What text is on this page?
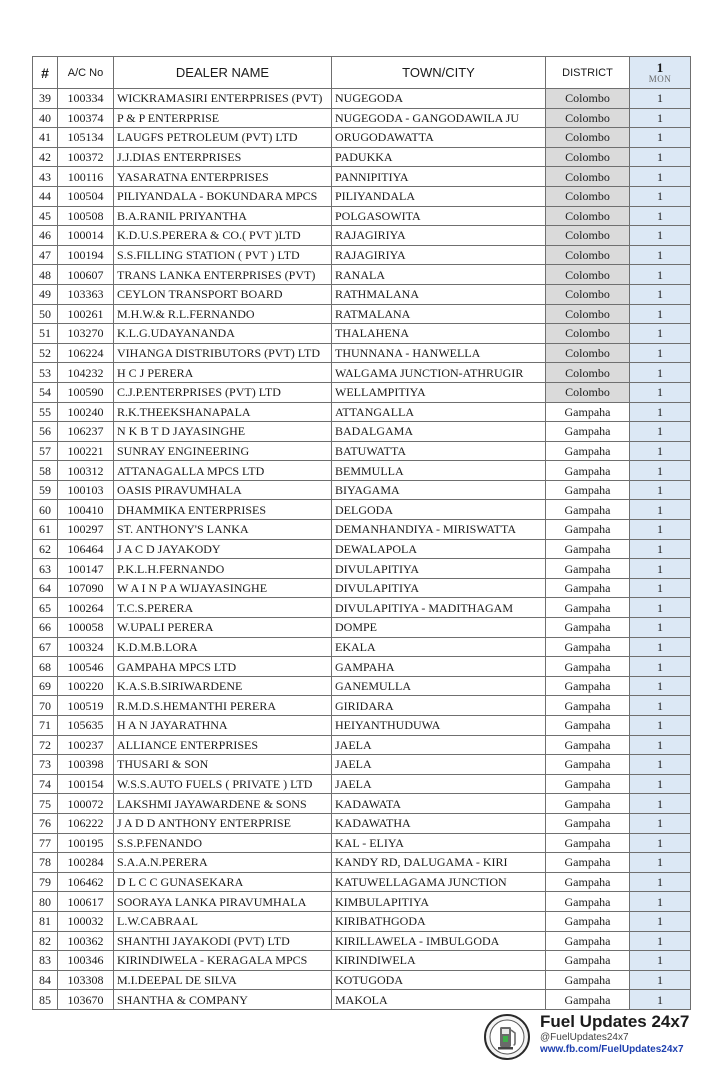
#	A/C No	DEALER NAME	TOWN/CITY	DISTRICT	1
MON

39	100334	WICKRAMASIRI ENTERPRISES (PVT)	NUGEGODA	Colombo	1
40	100374	P & P ENTERPRISE	NUGEGODA - GANGODAWILA JU	Colombo	1
41	105134	LAUGFS PETROLEUM (PVT) LTD	ORUGODAWATTA	Colombo	1
42	100372	J.J.DIAS ENTERPRISES	PADUKKA	Colombo	1
43	100116	YASARATNA ENTERPRISES	PANNIPITIYA	Colombo	1
44	100504	PILIYANDALA - BOKUNDARA MPCS	PILIYANDALA	Colombo	1
45	100508	B.A.RANIL PRIYANTHA	POLGASOWITA	Colombo	1
46	100014	K.D.U.S.PERERA & CO.( PVT )LTD	RAJAGIRIYA	Colombo	1
47	100194	S.S.FILLING STATION ( PVT ) LTD	RAJAGIRIYA	Colombo	1
48	100607	TRANS LANKA ENTERPRISES (PVT)	RANALA	Colombo	1
49	103363	CEYLON TRANSPORT BOARD	RATHMALANA	Colombo	1
50	100261	M.H.W.& R.L.FERNANDO	RATMALANA	Colombo	1
51	103270	K.L.G.UDAYANANDA	THALAHENA	Colombo	1
52	106224	VIHANGA DISTRIBUTORS (PVT) LTD	THUNNANA - HANWELLA	Colombo	1
53	104232	H C J PERERA	WALGAMA JUNCTION-ATHRUGIR	Colombo	1
54	100590	C.J.P.ENTERPRISES (PVT) LTD	WELLAMPITIYA	Colombo	1
55	100240	R.K.THEEKSHANAPALA	ATTANGALLA	Gampaha	1
56	106237	N K B T D JAYASINGHE	BADALGAMA	Gampaha	1
57	100221	SUNRAY ENGINEERING	BATUWATTA	Gampaha	1
58	100312	ATTANAGALLA MPCS LTD	BEMMULLA	Gampaha	1
59	100103	OASIS PIRAVUMHALA	BIYAGAMA	Gampaha	1
60	100410	DHAMMIKA ENTERPRISES	DELGODA	Gampaha	1
61	100297	ST. ANTHONY'S LANKA	DEMANHANDIYA - MIRISWATTA	Gampaha	1
62	106464	J A C D JAYAKODY	DEWALAPOLA	Gampaha	1
63	100147	P.K.L.H.FERNANDO	DIVULAPITIYA	Gampaha	1
64	107090	W A I N P A WIJAYASINGHE	DIVULAPITIYA	Gampaha	1
65	100264	T.C.S.PERERA	DIVULAPITIYA - MADITHAGAM	Gampaha	1
66	100058	W.UPALI PERERA	DOMPE	Gampaha	1
67	100324	K.D.M.B.LORA	EKALA	Gampaha	1
68	100546	GAMPAHA MPCS LTD	GAMPAHA	Gampaha	1
69	100220	K.A.S.B.SIRIWARDENE	GANEMULLA	Gampaha	1
70	100519	R.M.D.S.HEMANTHI PERERA	GIRIDARA	Gampaha	1
71	105635	H A N JAYARATHNA	HEIYANTHUDUWA	Gampaha	1
72	100237	ALLIANCE ENTERPRISES	JAELA	Gampaha	1
73	100398	THUSARI & SON	JAELA	Gampaha	1
74	100154	W.S.S.AUTO FUELS ( PRIVATE ) LTD	JAELA	Gampaha	1
75	100072	LAKSHMI JAYAWARDENE & SONS	KADAWATA	Gampaha	1
76	106222	J A D D ANTHONY ENTERPRISE	KADAWATHA	Gampaha	1
77	100195	S.S.P.FENANDO	KAL - ELIYA	Gampaha	1
78	100284	S.A.A.N.PERERA	KANDY RD, DALUGAMA - KIRI	Gampaha	1
79	106462	D L C C GUNASEKARA	KATUWELLAGAMA JUNCTION	Gampaha	1
80	100617	SOORAYA LANKA PIRAVUMHALA	KIMBULAPITIYA	Gampaha	1
81	100032	L.W.CABRAAL	KIRIBATHGODA	Gampaha	1
82	100362	SHANTHI JAYAKODI (PVT) LTD	KIRILLAWELA - IMBULGODA	Gampaha	1
83	100346	KIRINDIWELA - KERAGALA MPCS	KIRINDIWELA	Gampaha	1
84	103308	M.I.DEEPAL DE SILVA	KOTUGODA	Gampaha	1
85	103670	SHANTHA & COMPANY	MAKOLA	Gampaha	1
Fuel Updates 24x7
@FuelUpdates24x7
www.fb.com/FuelUpdates24x7
